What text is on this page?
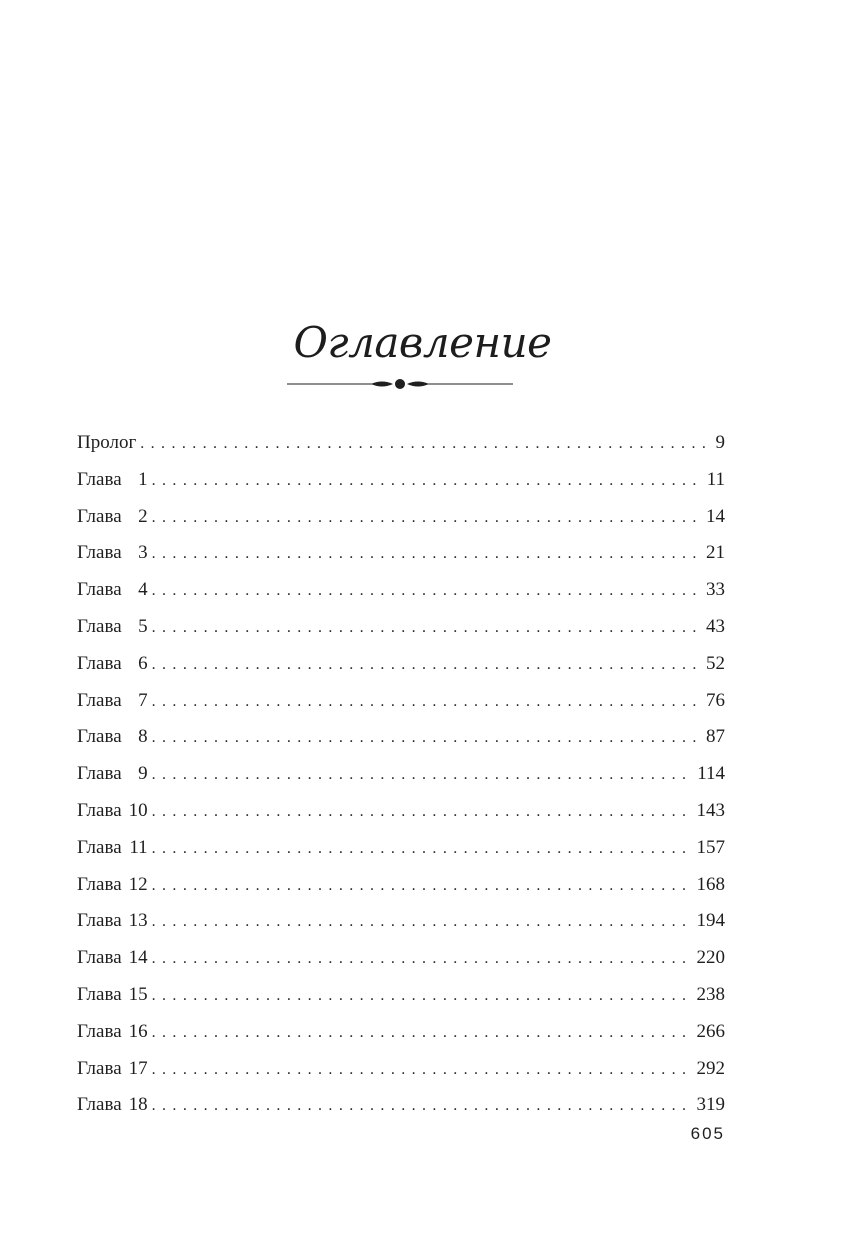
Оглавление
Пролог . . .	9
Глава 1 . . .	11
Глава 2 . . .	14
Глава 3 . . .	21
Глава 4 . . .	33
Глава 5 . . .	43
Глава 6 . . .	52
Глава 7 . . .	76
Глава 8 . . .	87
Глава 9 . . .	114
Глава 10 . . .	143
Глава 11 . . .	157
Глава 12 . . .	168
Глава 13 . . .	194
Глава 14 . . .	220
Глава 15 . . .	238
Глава 16 . . .	266
Глава 17 . . .	292
Глава 18 . . .	319
605
